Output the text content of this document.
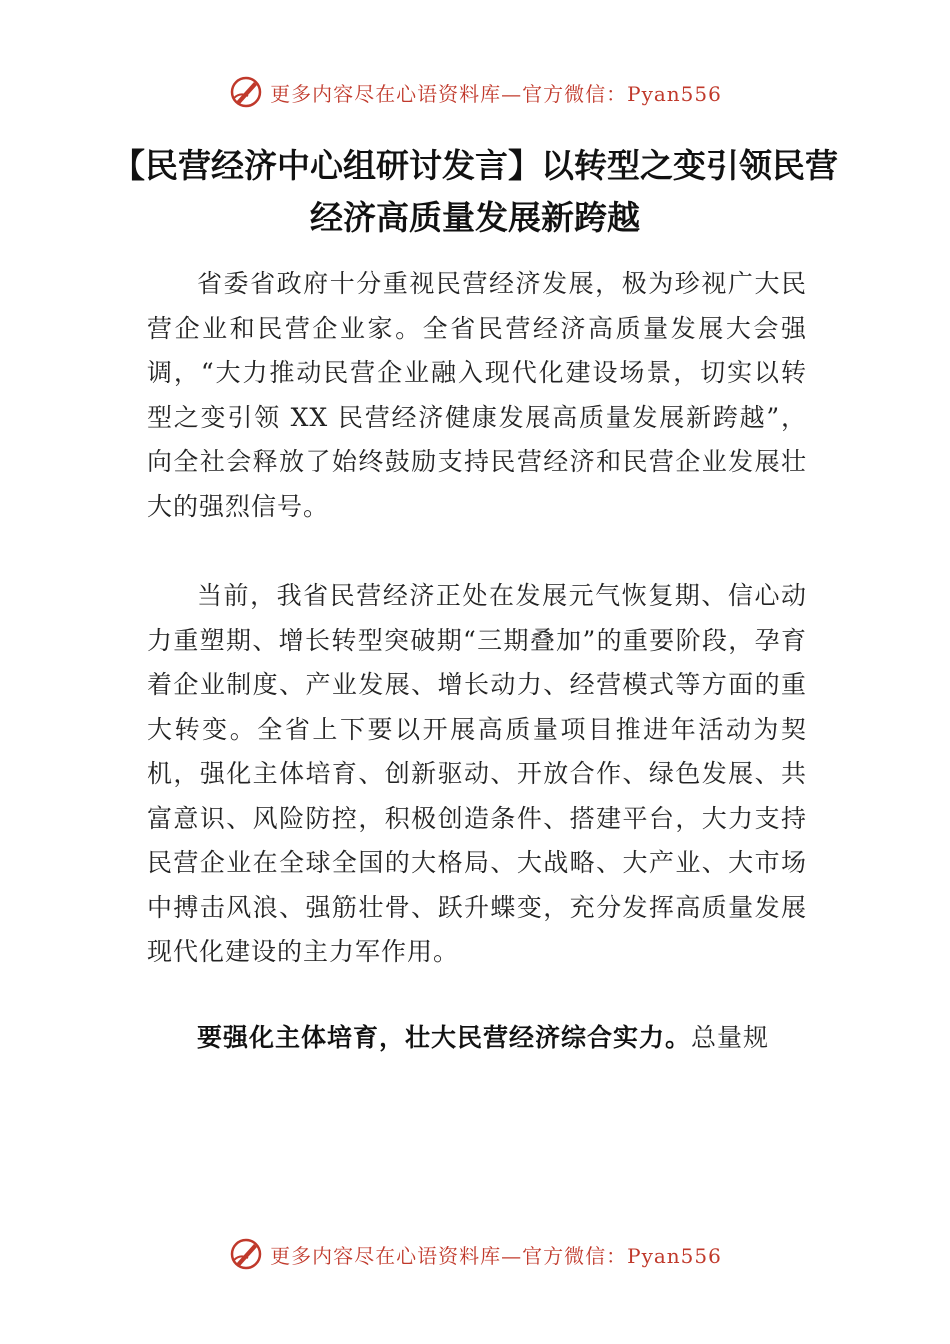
更多内容尽在心语资料库—官方微信：Pyan556
【民营经济中心组研讨发言】以转型之变引领民营经济高质量发展新跨越

省委省政府十分重视民营经济发展，极为珍视广大民营企业和民营企业家。全省民营经济高质量发展大会强调，“大力推动民营企业融入现代化建设场景，切实以转型之变引领 XX 民营经济健康发展高质量发展新跨越”，向全社会释放了始终鼓励支持民营经济和民营企业发展壮大的强烈信号。

当前，我省民营经济正处在发展元气恢复期、信心动力重塑期、增长转型突破期“三期叠加”的重要阶段，孕育着企业制度、产业发展、增长动力、经营模式等方面的重大转变。全省上下要以开展高质量项目推进年活动为契机，强化主体培育、创新驱动、开放合作、绿色发展、共富意识、风险防控，积极创造条件、搭建平台，大力支持民营企业在全球全国的大格局、大战略、大产业、大市场中搏击风浪、强筋壮骨、跃升蝶变，充分发挥高质量发展现代化建设的主力军作用。

要强化主体培育，壮大民营经济综合实力。总量规

更多内容尽在心语资料库—官方微信：Pyan556
